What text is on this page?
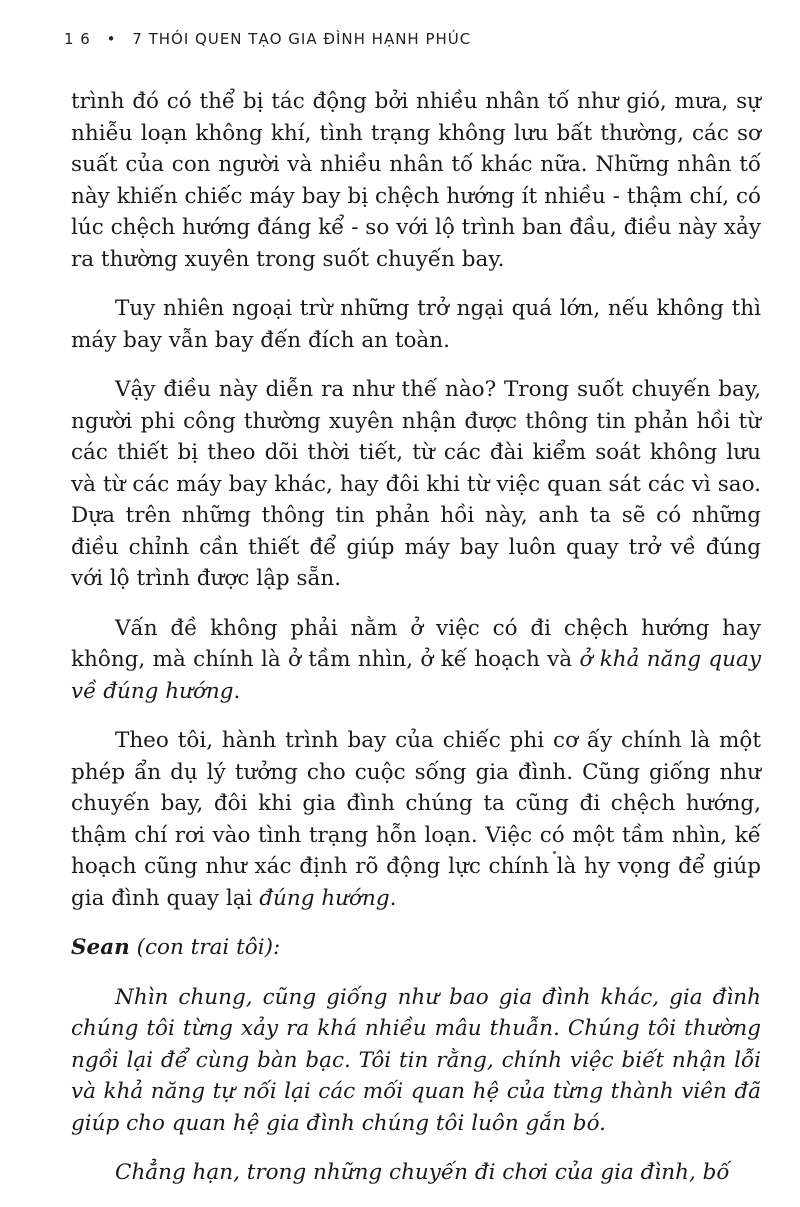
1 6 • 7 THÓI QUEN TẠO GIA ĐÌNH HẠNH PHÚC

trình đó có thể bị tác động bởi nhiều nhân tố như gió, mưa, sự nhiễu loạn không khí, tình trạng không lưu bất thường, các sơ suất của con người và nhiều nhân tố khác nữa. Những nhân tố này khiến chiếc máy bay bị chệch hướng ít nhiều - thậm chí, có lúc chệch hướng đáng kể - so với lộ trình ban đầu, điều này xảy ra thường xuyên trong suốt chuyến bay.

Tuy nhiên ngoại trừ những trở ngại quá lớn, nếu không thì máy bay vẫn bay đến đích an toàn.

Vậy điều này diễn ra như thế nào? Trong suốt chuyến bay, người phi công thường xuyên nhận được thông tin phản hồi từ các thiết bị theo dõi thời tiết, từ các đài kiểm soát không lưu và từ các máy bay khác, hay đôi khi từ việc quan sát các vì sao. Dựa trên những thông tin phản hồi này, anh ta sẽ có những điều chỉnh cần thiết để giúp máy bay luôn quay trở về đúng với lộ trình được lập sẵn.

Vấn đề không phải nằm ở việc có đi chệch hướng hay không, mà chính là ở tầm nhìn, ở kế hoạch và ở khả năng quay về đúng hướng.

Theo tôi, hành trình bay của chiếc phi cơ ấy chính là một phép ẩn dụ lý tưởng cho cuộc sống gia đình. Cũng giống như chuyến bay, đôi khi gia đình chúng ta cũng đi chệch hướng, thậm chí rơi vào tình trạng hỗn loạn. Việc có một tầm nhìn, kế hoạch cũng như xác định rõ động lực chính là hy vọng để giúp gia đình quay lại đúng hướng.

Sean (con trai tôi):

Nhìn chung, cũng giống như bao gia đình khác, gia đình chúng tôi từng xảy ra khá nhiều mâu thuẫn. Chúng tôi thường ngồi lại để cùng bàn bạc. Tôi tin rằng, chính việc biết nhận lỗi và khả năng tự nối lại các mối quan hệ của từng thành viên đã giúp cho quan hệ gia đình chúng tôi luôn gắn bó.

Chẳng hạn, trong những chuyến đi chơi của gia đình, bố
